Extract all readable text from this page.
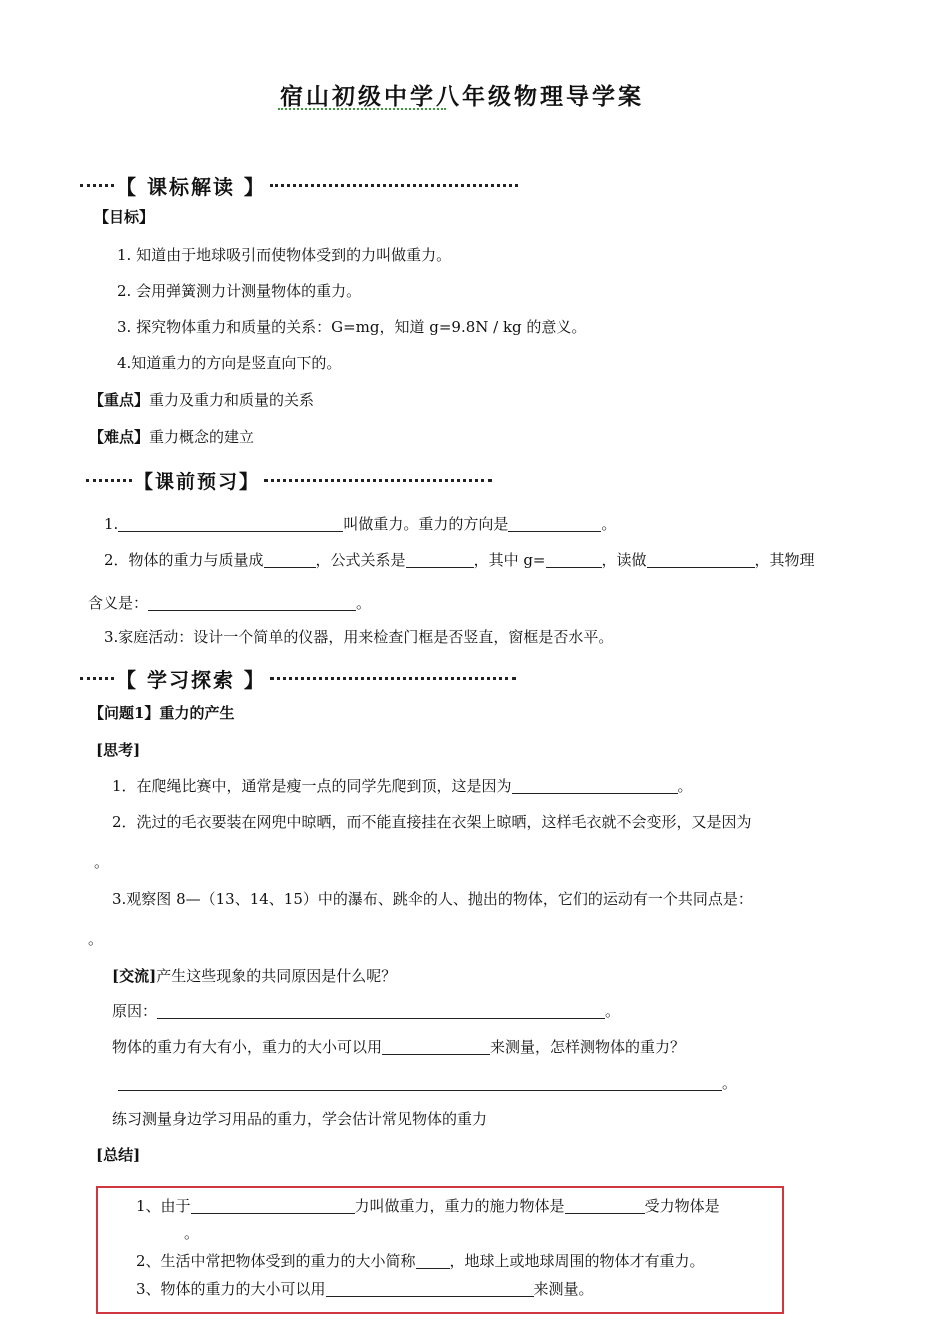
宿山初级中学八年级物理导学案
【 课标解读 】
【目标】
1. 知道由于地球吸引而使物体受到的力叫做重力。
2. 会用弹簧测力计测量物体的重力。
3. 探究物体重力和质量的关系：G=mg，知道 g=9.8N / kg 的意义。
4.知道重力的方向是竖直向下的。
【重点】重力及重力和质量的关系
【难点】重力概念的建立
【课前预习】
1.	叫做重力。重力的方向是	。
2．物体的重力与质量成	，公式关系是	，其中 g=	，读做	，其物理
含义是：	。
3.家庭活动：设计一个简单的仪器，用来检查门框是否竖直，窗框是否水平。
【 学习探索 】
【问题1】重力的产生
[思考]
1．在爬绳比赛中，通常是瘦一点的同学先爬到顶，这是因为	。
2．洗过的毛衣要装在网兜中晾晒，而不能直接挂在衣架上晾晒，这样毛衣就不会变形，又是因为
。
3.观察图 8—（13、14、15）中的瀑布、跳伞的人、抛出的物体，它们的运动有一个共同点是：
。
[交流]产生这些现象的共同原因是什么呢？
原因：	。
物体的重力有大有小，重力的大小可以用	来测量，怎样测物体的重力？
。
练习测量身边学习用品的重力，学会估计常见物体的重力
[总结]
1、由于	力叫做重力，重力的施力物体是	受力物体是
。
2、生活中常把物体受到的重力的大小简称 ，地球上或地球周围的物体才有重力。
3、物体的重力的大小可以用	来测量。
